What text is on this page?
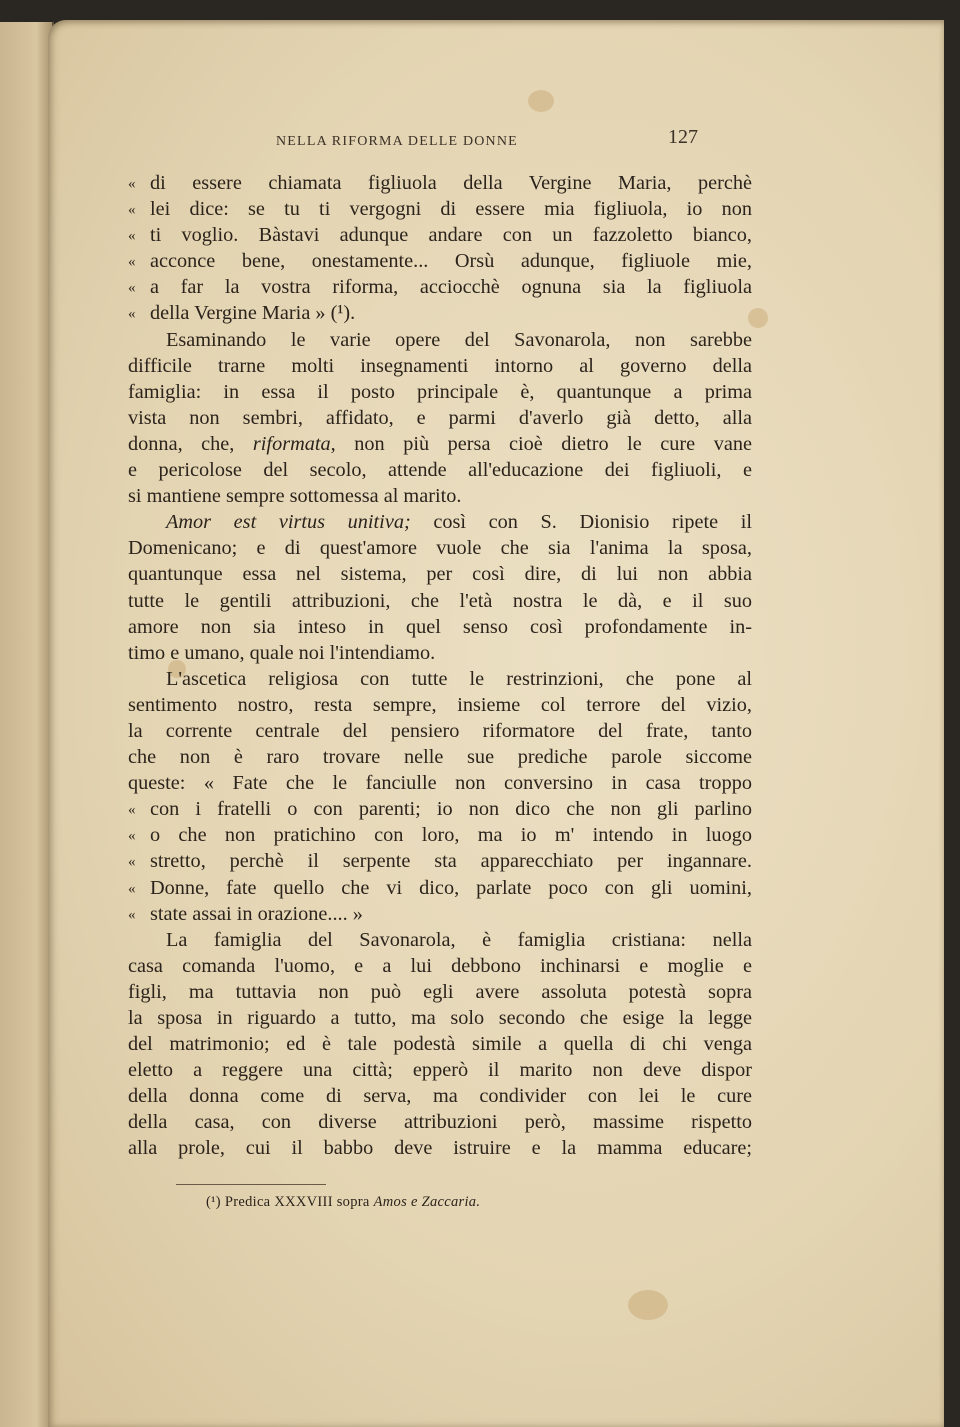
NELLA RIFORMA DELLE DONNE	127
« di essere chiamata figliuola della Vergine Maria, perchè
« lei dice: se tu ti vergogni di essere mia figliuola, io non
« ti voglio. Bàstavi adunque andare con un fazzoletto bianco,
« acconce bene, onestamente... Orsù adunque, figliuole mie,
« a far la vostra riforma, acciocchè ognuna sia la figliuola
« della Vergine Maria » (¹).
Esaminando le varie opere del Savonarola, non sarebbe
difficile trarne molti insegnamenti intorno al governo della
famiglia: in essa il posto principale è, quantunque a prima
vista non sembri, affidato, e parmi d'averlo già detto, alla
donna, che, riformata, non più persa cioè dietro le cure vane
e pericolose del secolo, attende all'educazione dei figliuoli, e
si mantiene sempre sottomessa al marito.
Amor est virtus unitiva; così con S. Dionisio ripete il
Domenicano; e di quest'amore vuole che sia l'anima la sposa,
quantunque essa nel sistema, per così dire, di lui non abbia
tutte le gentili attribuzioni, che l'età nostra le dà, e il suo
amore non sia inteso in quel senso così profondamente in-
timo e umano, quale noi l'intendiamo.
L'ascetica religiosa con tutte le restrinzioni, che pone al
sentimento nostro, resta sempre, insieme col terrore del vizio,
la corrente centrale del pensiero riformatore del frate, tanto
che non è raro trovare nelle sue prediche parole siccome
queste: « Fate che le fanciulle non conversino in casa troppo
« con i fratelli o con parenti; io non dico che non gli parlino
« o che non pratichino con loro, ma io m' intendo in luogo
« stretto, perchè il serpente sta apparecchiato per ingannare.
« Donne, fate quello che vi dico, parlate poco con gli uomini,
« state assai in orazione.... »
La famiglia del Savonarola, è famiglia cristiana: nella
casa comanda l'uomo, e a lui debbono inchinarsi e moglie e
figli, ma tuttavia non può egli avere assoluta potestà sopra
la sposa in riguardo a tutto, ma solo secondo che esige la legge
del matrimonio; ed è tale podestà simile a quella di chi venga
eletto a reggere una città; epperò il marito non deve dispor
della donna come di serva, ma condivider con lei le cure
della casa, con diverse attribuzioni però, massime rispetto
alla prole, cui il babbo deve istruire e la mamma educare;
(¹) Predica XXXVIII sopra Amos e Zaccaria.
